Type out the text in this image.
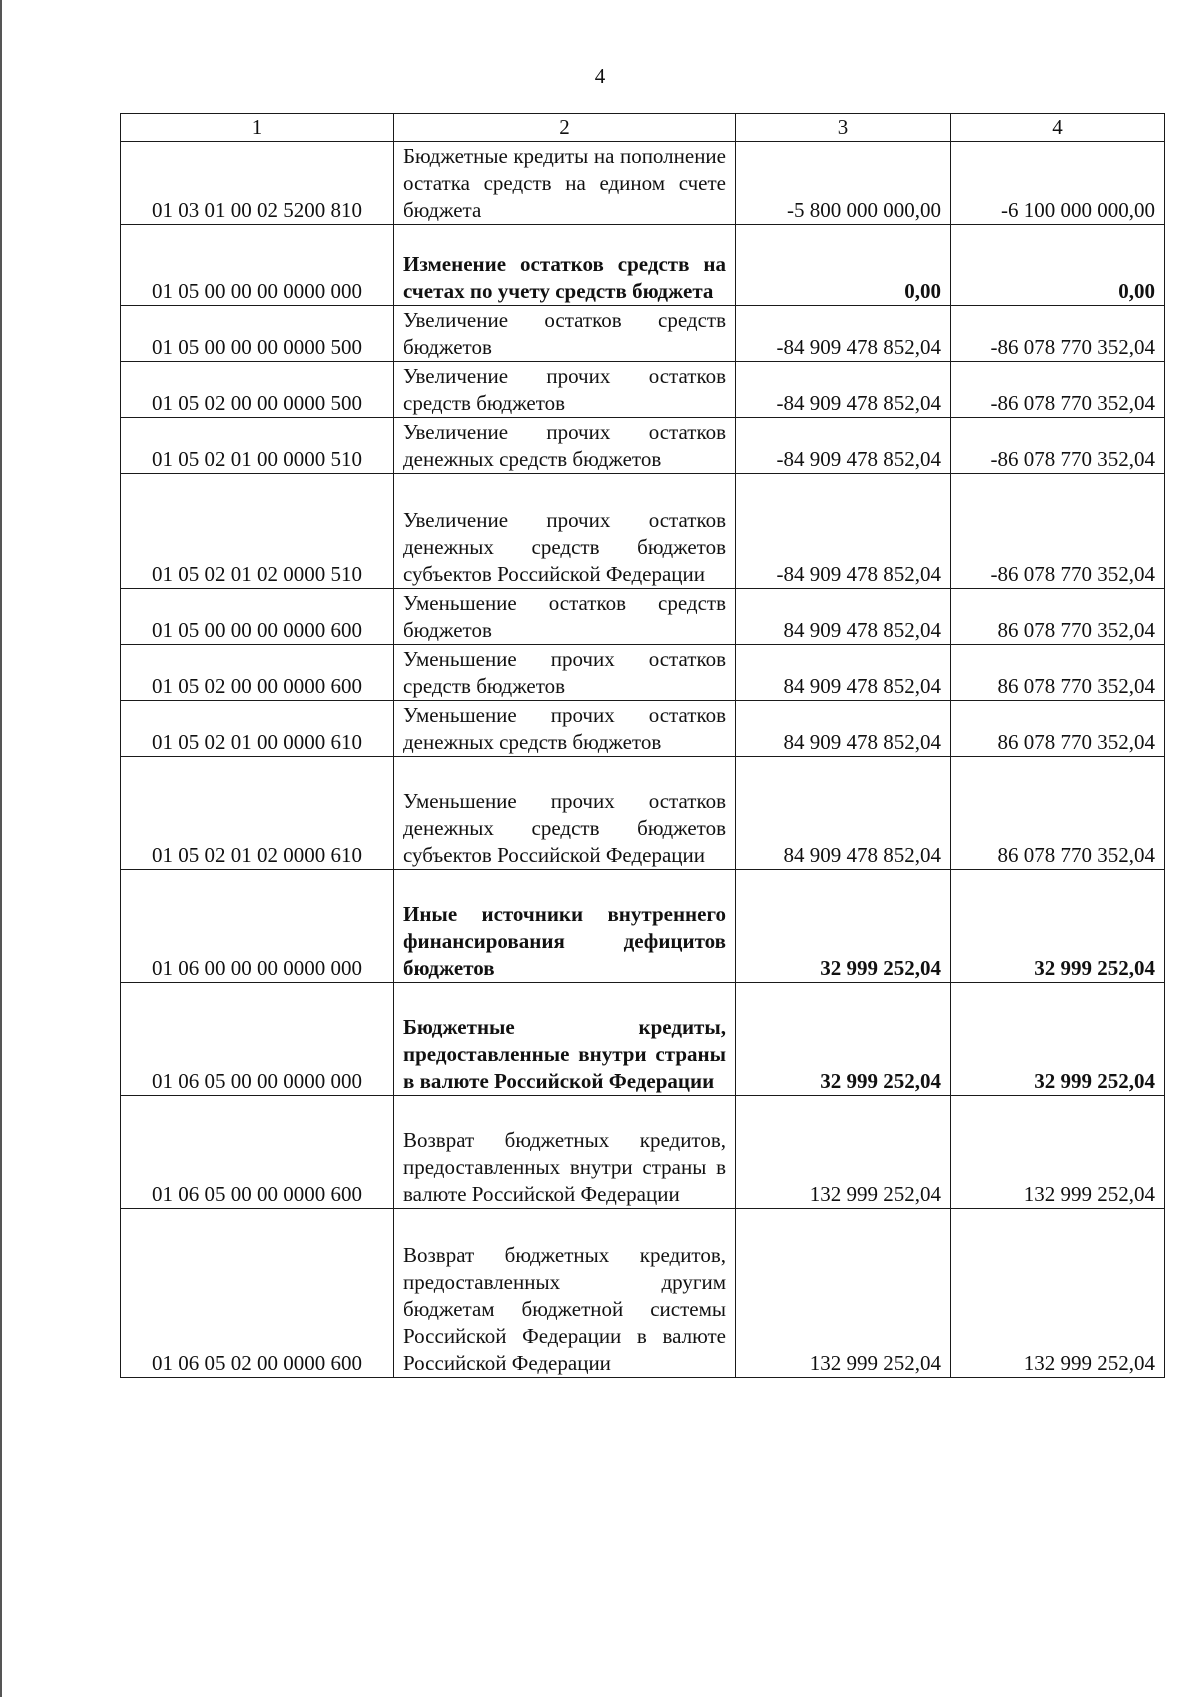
4
1	2	3	4
01 03 01 00 02 5200 810	Бюджетные кредиты на пополнение остатка средств на едином счете бюджета	-5 800 000 000,00	-6 100 000 000,00
01 05 00 00 00 0000 000	Изменение остатков средств на счетах по учету средств бюджета	0,00	0,00
01 05 00 00 00 0000 500	Увеличение остатков средств бюджетов	-84 909 478 852,04	-86 078 770 352,04
01 05 02 00 00 0000 500	Увеличение прочих остатков средств бюджетов	-84 909 478 852,04	-86 078 770 352,04
01 05 02 01 00 0000 510	Увеличение прочих остатков денежных средств бюджетов	-84 909 478 852,04	-86 078 770 352,04
01 05 02 01 02 0000 510	Увеличение прочих остатков денежных средств бюджетов субъектов Российской Федерации	-84 909 478 852,04	-86 078 770 352,04
01 05 00 00 00 0000 600	Уменьшение остатков средств бюджетов	84 909 478 852,04	86 078 770 352,04
01 05 02 00 00 0000 600	Уменьшение прочих остатков средств бюджетов	84 909 478 852,04	86 078 770 352,04
01 05 02 01 00 0000 610	Уменьшение прочих остатков денежных средств бюджетов	84 909 478 852,04	86 078 770 352,04
01 05 02 01 02 0000 610	Уменьшение прочих остатков денежных средств бюджетов субъектов Российской Федерации	84 909 478 852,04	86 078 770 352,04
01 06 00 00 00 0000 000	Иные источники внутреннего финансирования дефицитов бюджетов	32 999 252,04	32 999 252,04
01 06 05 00 00 0000 000	Бюджетные кредиты, предоставленные внутри страны в валюте Российской Федерации	32 999 252,04	32 999 252,04
01 06 05 00 00 0000 600	Возврат бюджетных кредитов, предоставленных внутри страны в валюте Российской Федерации	132 999 252,04	132 999 252,04
01 06 05 02 00 0000 600	Возврат бюджетных кредитов, предоставленных другим бюджетам бюджетной системы Российской Федерации в валюте Российской Федерации	132 999 252,04	132 999 252,04
